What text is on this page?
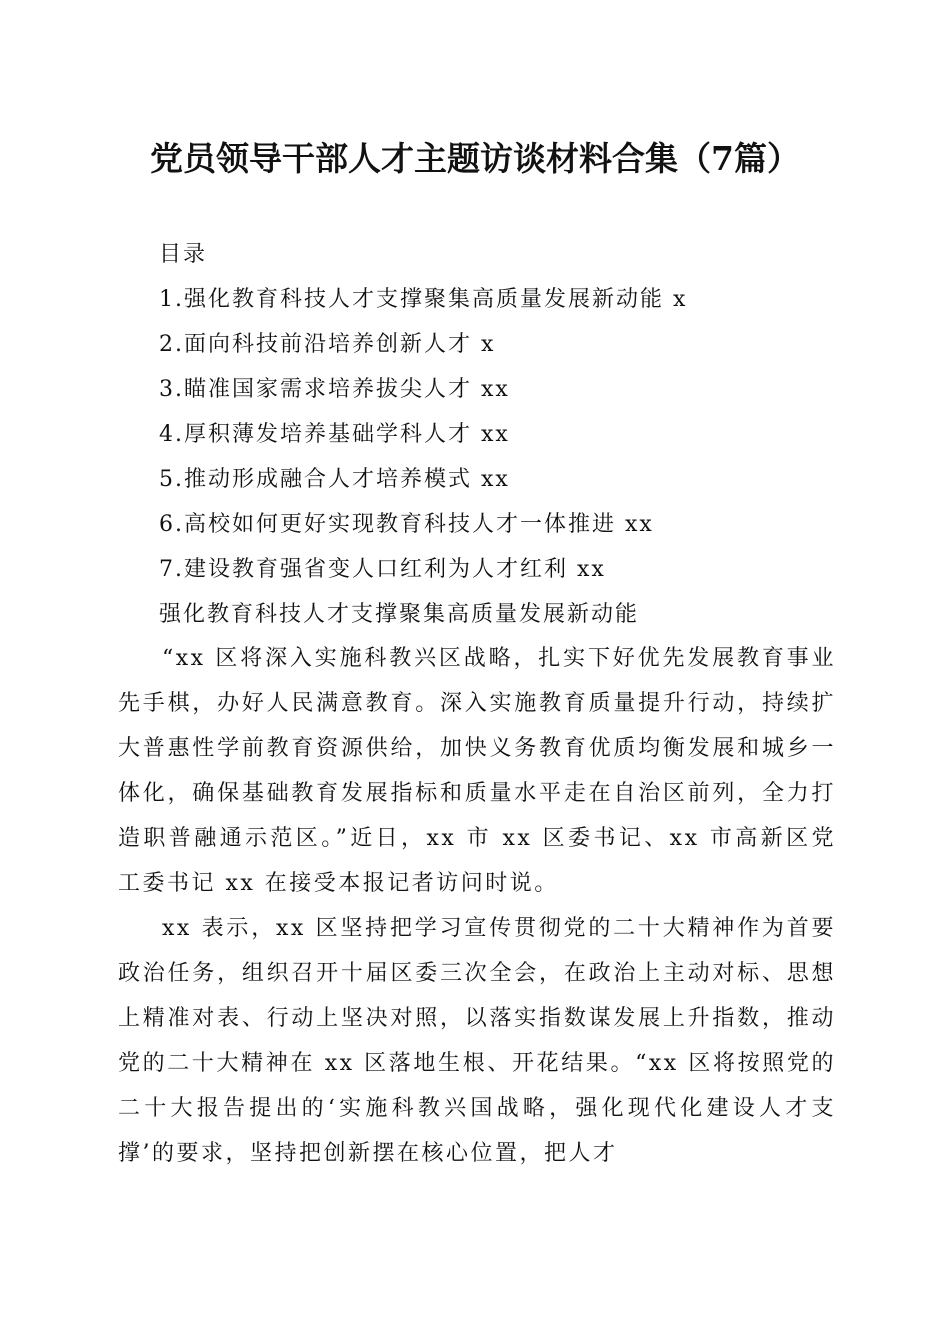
党员领导干部人才主题访谈材料合集（7篇）
目录
1.强化教育科技人才支撑聚集高质量发展新动能 x
2.面向科技前沿培养创新人才 x
3.瞄准国家需求培养拔尖人才 xx
4.厚积薄发培养基础学科人才 xx
5.推动形成融合人才培养模式 xx
6.高校如何更好实现教育科技人才一体推进 xx
7.建设教育强省变人口红利为人才红利 xx
强化教育科技人才支撑聚集高质量发展新动能

“xx 区将深入实施科教兴区战略，扎实下好优先发展教育事业先手棋，办好人民满意教育。深入实施教育质量提升行动，持续扩大普惠性学前教育资源供给，加快义务教育优质均衡发展和城乡一体化，确保基础教育发展指标和质量水平走在自治区前列，全力打造职普融通示范区。”近日，xx 市 xx 区委书记、xx 市高新区党工委书记 xx 在接受本报记者访问时说。

xx 表示，xx 区坚持把学习宣传贯彻党的二十大精神作为首要政治任务，组织召开十届区委三次全会，在政治上主动对标、思想上精准对表、行动上坚决对照，以落实指数谋发展上升指数，推动党的二十大精神在 xx 区落地生根、开花结果。“xx 区将按照党的二十大报告提出的‘实施科教兴国战略，强化现代化建设人才支撑’的要求，坚持把创新摆在核心位置，把人才
